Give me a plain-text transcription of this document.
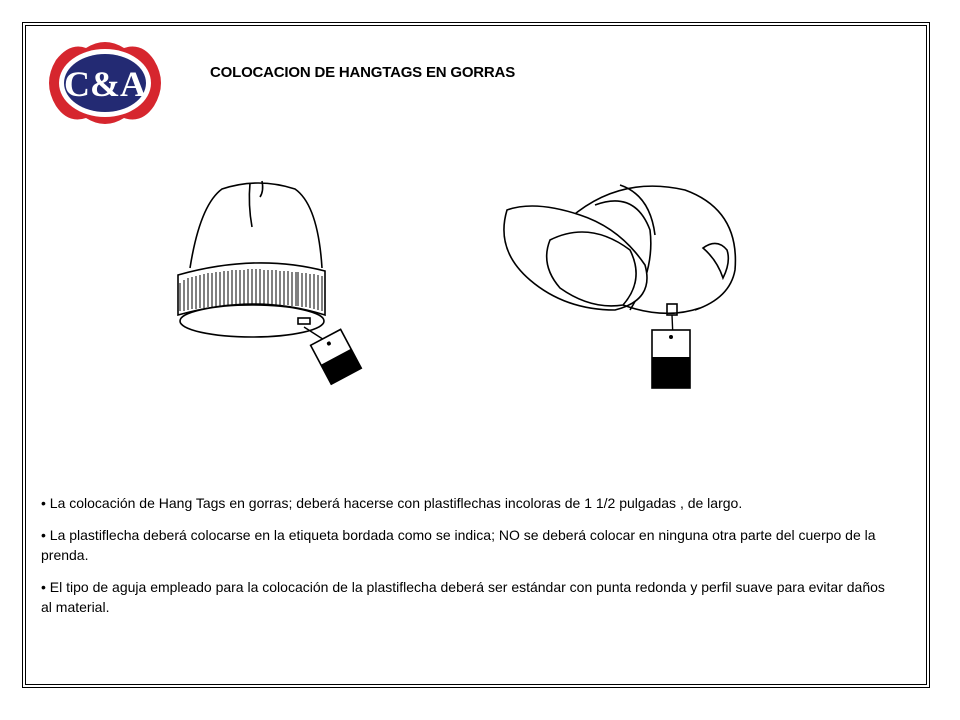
C&A	COLOCACION DE HANGTAGS EN GORRAS

• La colocación de Hang Tags en gorras; deberá hacerse con plastiflechas incoloras de 1 1/2 pulgadas , de largo.

• La plastiflecha deberá colocarse en la etiqueta bordada como se indica; NO se deberá colocar en ninguna otra parte del cuerpo de la prenda.

• El tipo de aguja empleado para la colocación de la plastiflecha deberá ser estándar con punta redonda y perfil suave para evitar daños al material.
